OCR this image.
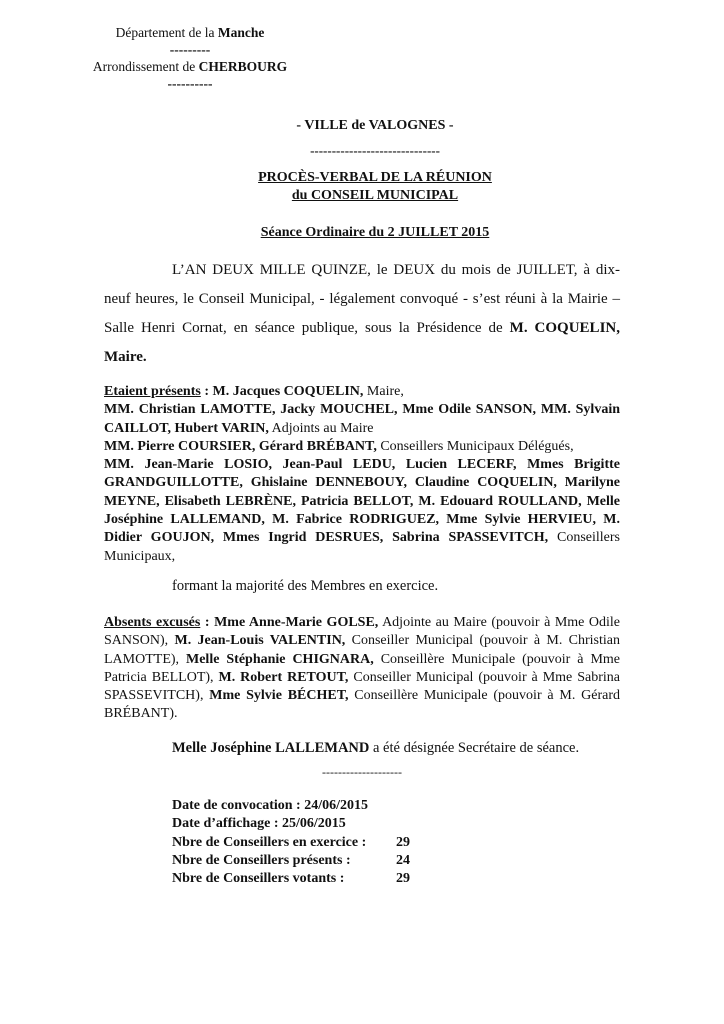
Département de la Manche
---------
Arrondissement de CHERBOURG
----------
- VILLE de VALOGNES -
------------------------------
PROCÈS-VERBAL DE LA RÉUNION
du CONSEIL MUNICIPAL
Séance Ordinaire du 2 JUILLET 2015
L’AN DEUX MILLE QUINZE, le DEUX du mois de JUILLET, à dix-neuf heures, le Conseil Municipal, - légalement convoqué - s’est réuni à la Mairie – Salle Henri Cornat, en séance publique, sous la Présidence de M. COQUELIN, Maire.
Etaient présents : M. Jacques COQUELIN, Maire,
MM. Christian LAMOTTE, Jacky MOUCHEL, Mme Odile SANSON, MM. Sylvain CAILLOT, Hubert VARIN, Adjoints au Maire
MM. Pierre COURSIER, Gérard BRÉBANT, Conseillers Municipaux Délégués,
MM. Jean-Marie LOSIO, Jean-Paul LEDU, Lucien LECERF, Mmes Brigitte GRANDGUILLOTTE, Ghislaine DENNEBOUY, Claudine COQUELIN, Marilyne MEYNE, Elisabeth LEBRÈNE, Patricia BELLOT, M. Edouard ROULLAND, Melle Joséphine LALLEMAND, M. Fabrice RODRIGUEZ, Mme Sylvie HERVIEU, M. Didier GOUJON, Mmes Ingrid DESRUES, Sabrina SPASSEVITCH, Conseillers Municipaux,
formant la majorité des Membres en exercice.
Absents excusés : Mme Anne-Marie GOLSE, Adjointe au Maire (pouvoir à Mme Odile SANSON), M. Jean-Louis VALENTIN, Conseiller Municipal (pouvoir à M. Christian LAMOTTE), Melle Stéphanie CHIGNARA, Conseillère Municipale (pouvoir à Mme Patricia BELLOT), M. Robert RETOUT, Conseiller Municipal (pouvoir à Mme Sabrina SPASSEVITCH), Mme Sylvie BÉCHET, Conseillère Municipale (pouvoir à M. Gérard BRÉBANT).
Melle Joséphine LALLEMAND a été désignée Secrétaire de séance.
--------------------
Date de convocation : 24/06/2015
Date d’affichage : 25/06/2015
Nbre de Conseillers en exercice : 29
Nbre de Conseillers présents :	24
Nbre de Conseillers votants :	29
